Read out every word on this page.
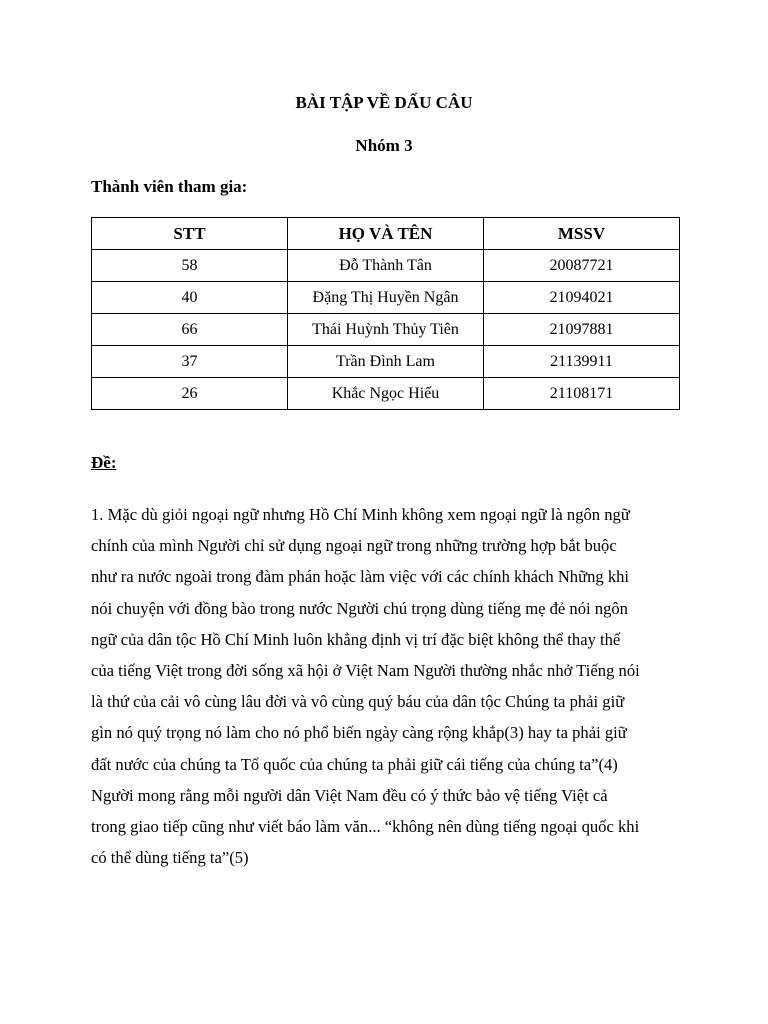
BÀI TẬP VỀ DẤU CÂU
Nhóm 3
Thành viên tham gia:
STT	HỌ VÀ TÊN	MSSV
58	Đỗ Thành Tân	20087721
40	Đặng Thị Huyền Ngân	21094021
66	Thái Huỳnh Thủy Tiên	21097881
37	Trần Đình Lam	21139911
26	Khắc Ngọc Hiếu	21108171
Đề:
1. Mặc dù giỏi ngoại ngữ nhưng Hồ Chí Minh không xem ngoại ngữ là ngôn ngữ
chính của mình Người chỉ sử dụng ngoại ngữ trong những trường hợp bắt buộc
như ra nước ngoài trong đàm phán hoặc làm việc với các chính khách Những khi
nói chuyện với đồng bào trong nước Người chú trọng dùng tiếng mẹ đẻ nói ngôn
ngữ của dân tộc Hồ Chí Minh luôn khẳng định vị trí đặc biệt không thể thay thế
của tiếng Việt trong đời sống xã hội ở Việt Nam Người thường nhắc nhở Tiếng nói
là thứ của cải vô cùng lâu đời và vô cùng quý báu của dân tộc Chúng ta phải giữ
gìn nó quý trọng nó làm cho nó phổ biến ngày càng rộng khắp(3) hay ta phải giữ
đất nước của chúng ta Tổ quốc của chúng ta phải giữ cái tiếng của chúng ta”(4)
Người mong rằng mỗi người dân Việt Nam đều có ý thức bảo vệ tiếng Việt cả
trong giao tiếp cũng như viết báo làm văn... “không nên dùng tiếng ngoại quốc khi
có thể dùng tiếng ta”(5)
